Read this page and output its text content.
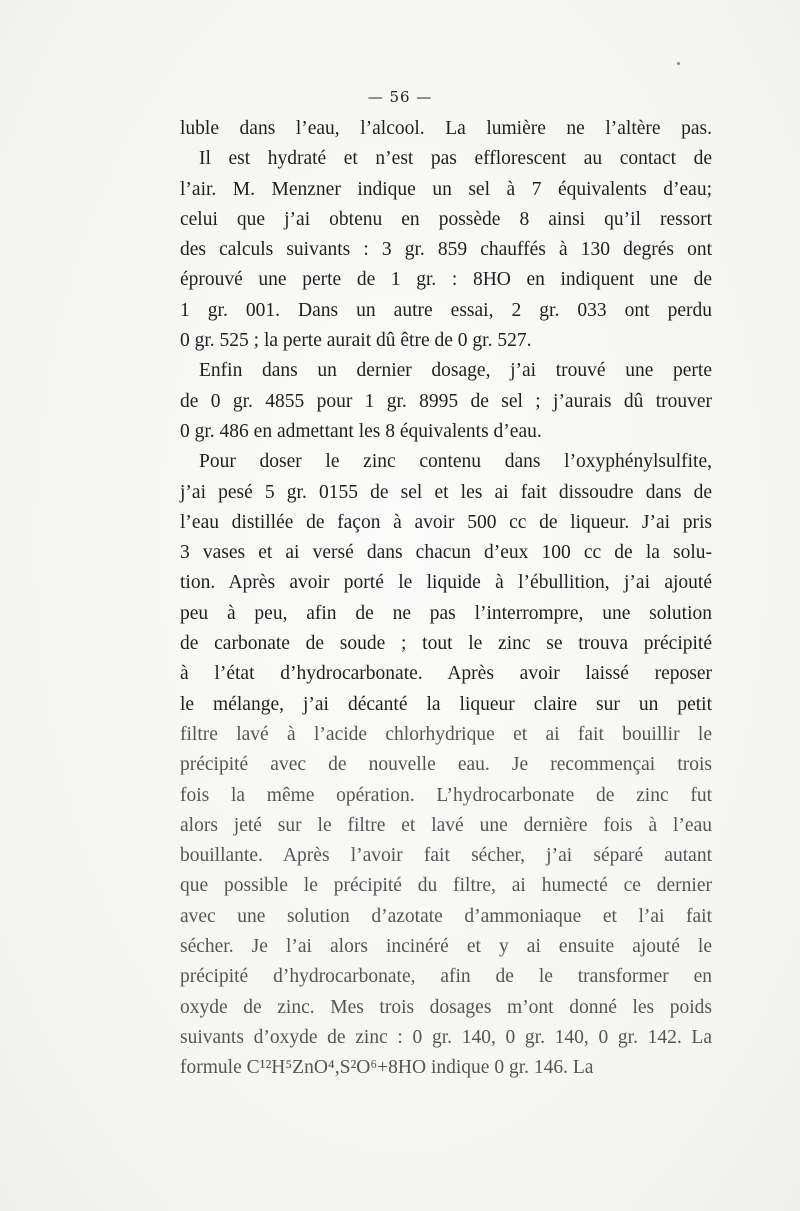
— 56 —
luble dans l’eau, l’alcool. La lumière ne l’altère pas.
Il est hydraté et n’est pas efflorescent au contact de
l’air. M. Menzner indique un sel à 7 équivalents d’eau;
celui que j’ai obtenu en possède 8 ainsi qu’il ressort
des calculs suivants : 3 gr. 859 chauffés à 130 degrés ont
éprouvé une perte de 1 gr. : 8HO en indiquent une de
1 gr. 001. Dans un autre essai, 2 gr. 033 ont perdu
0 gr. 525 ; la perte aurait dû être de 0 gr. 527.
Enfin dans un dernier dosage, j’ai trouvé une perte
de 0 gr. 4855 pour 1 gr. 8995 de sel ; j’aurais dû trouver
0 gr. 486 en admettant les 8 équivalents d’eau.
Pour doser le zinc contenu dans l’oxyphénylsulfite,
j’ai pesé 5 gr. 0155 de sel et les ai fait dissoudre dans de
l’eau distillée de façon à avoir 500 cc de liqueur. J’ai pris
3 vases et ai versé dans chacun d’eux 100 cc de la solu-
tion. Après avoir porté le liquide à l’ébullition, j’ai ajouté
peu à peu, afin de ne pas l’interrompre, une solution
de carbonate de soude ; tout le zinc se trouva précipité
à l’état d’hydrocarbonate. Après avoir laissé reposer
le mélange, j’ai décanté la liqueur claire sur un petit
filtre lavé à l’acide chlorhydrique et ai fait bouillir le
précipité avec de nouvelle eau. Je recommençai trois
fois la même opération. L’hydrocarbonate de zinc fut
alors jeté sur le filtre et lavé une dernière fois à l’eau
bouillante. Après l’avoir fait sécher, j’ai séparé autant
que possible le précipité du filtre, ai humecté ce dernier
avec une solution d’azotate d’ammoniaque et l’ai fait
sécher. Je l’ai alors incinéré et y ai ensuite ajouté le
précipité d’hydrocarbonate, afin de le transformer en
oxyde de zinc. Mes trois dosages m’ont donné les poids
suivants d’oxyde de zinc : 0 gr. 140, 0 gr. 140, 0 gr. 142. La
formule C¹²H⁵ZnO⁴,S²O⁶+8HO indique 0 gr. 146. La
